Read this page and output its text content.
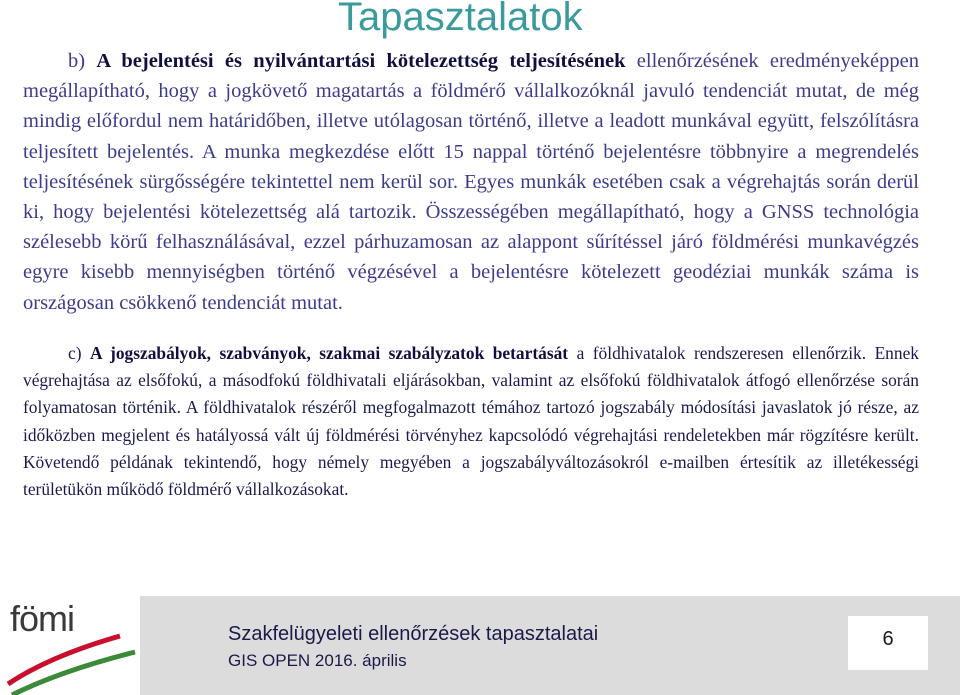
Tapasztalatok
b) A bejelentési és nyilvántartási kötelezettség teljesítésének ellenőrzésének eredményeképpen megállapítható, hogy a jogkövető magatartás a földmérő vállalkozóknál javuló tendenciát mutat, de még mindig előfordul nem határidőben, illetve utólagosan történő, illetve a leadott munkával együtt, felszólításra teljesített bejelentés. A munka megkezdése előtt 15 nappal történő bejelentésre többnyire a megrendelés teljesítésének sürgősségére tekintettel nem kerül sor. Egyes munkák esetében csak a végrehajtás során derül ki, hogy bejelentési kötelezettség alá tartozik. Összességében megállapítható, hogy a GNSS technológia szélesebb körű felhasználásával, ezzel párhuzamosan az alappont sűrítéssel járó földmérési munkavégzés egyre kisebb mennyiségben történő végzésével a bejelentésre kötelezett geodéziai munkák száma is országosan csökkenő tendenciát mutat.
c) A jogszabályok, szabványok, szakmai szabályzatok betartását a földhivatalok rendszeresen ellenőrzik. Ennek végrehajtása az elsőfokú, a másodfokú földhivatali eljárásokban, valamint az elsőfokú földhivatalok átfogó ellenőrzése során folyamatosan történik. A földhivatalok részéről megfogalmazott témához tartozó jogszabály módosítási javaslatok jó része, az időközben megjelent és hatályossá vált új földmérési törvényhez kapcsolódó végrehajtási rendeletekben már rögzítésre került. Követendő példának tekintendő, hogy némely megyében a jogszabályváltozásokról e-mailben értesítik az illetékességi területükön működő földmérő vállalkozásokat.
fömi	Szakfelügyeleti ellenőrzések tapasztalatai
GIS OPEN 2016. április
6
